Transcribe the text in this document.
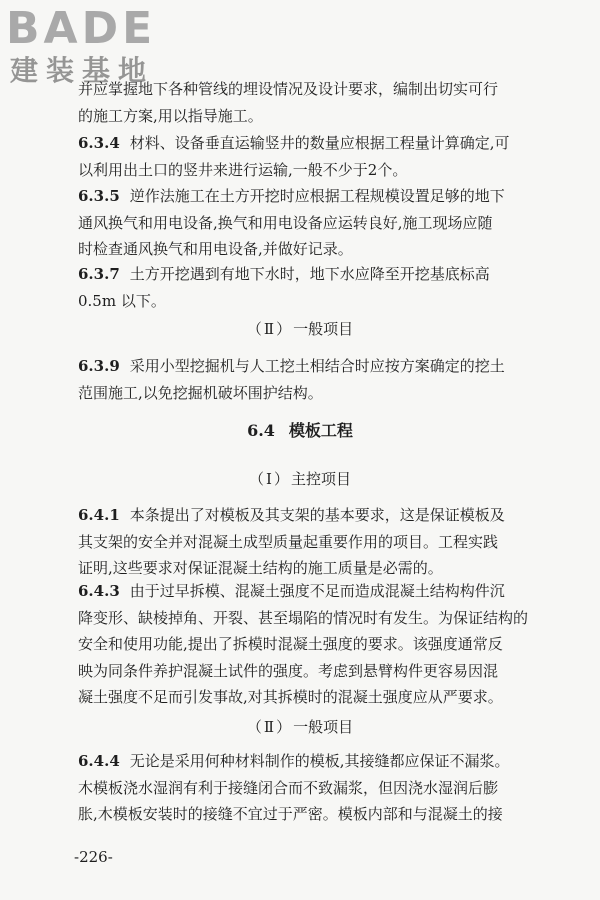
BADE
建装基地
并应掌握地下各种管线的埋设情况及设计要求，编制出切实可行
的施工方案,用以指导施工。
6.3.4 材料、设备垂直运输竖井的数量应根据工程量计算确定,可
以利用出土口的竖井来进行运输,一般不少于2个。
6.3.5 逆作法施工在土方开挖时应根据工程规模设置足够的地下
通风换气和用电设备,换气和用电设备应运转良好,施工现场应随
时检查通风换气和用电设备,并做好记录。
6.3.7 土方开挖遇到有地下水时，地下水应降至开挖基底标高
0.5m 以下。
（Ⅱ）一般项目
6.3.9 采用小型挖掘机与人工挖土相结合时应按方案确定的挖土
范围施工,以免挖掘机破坏围护结构。
6.4 模板工程
（Ⅰ）主控项目
6.4.1 本条提出了对模板及其支架的基本要求，这是保证模板及
其支架的安全并对混凝土成型质量起重要作用的项目。工程实践
证明,这些要求对保证混凝土结构的施工质量是必需的。
6.4.3 由于过早拆模、混凝土强度不足而造成混凝土结构构件沉
降变形、缺棱掉角、开裂、甚至塌陷的情况时有发生。为保证结构的
安全和使用功能,提出了拆模时混凝土强度的要求。该强度通常反
映为同条件养护混凝土试件的强度。考虑到悬臂构件更容易因混
凝土强度不足而引发事故,对其拆模时的混凝土强度应从严要求。
（Ⅱ）一般项目
6.4.4 无论是采用何种材料制作的模板,其接缝都应保证不漏浆。
木模板浇水湿润有利于接缝闭合而不致漏浆，但因浇水湿润后膨
胀,木模板安装时的接缝不宜过于严密。模板内部和与混凝土的接
-226-
